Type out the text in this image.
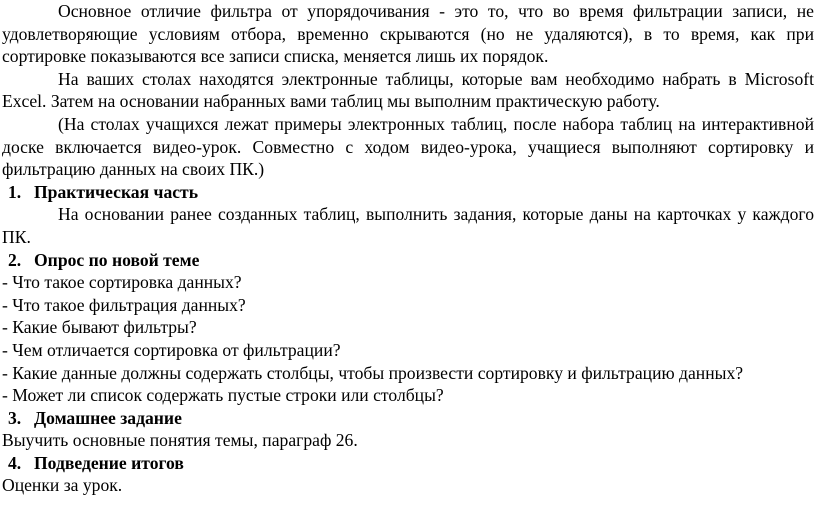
Основное отличие фильтра от упорядочивания - это то, что во время фильтрации записи, не удовлетворяющие условиям отбора, временно скрываются (но не удаляются), в то время, как при сортировке показываются все записи списка, меняется лишь их порядок.

На ваших столах находятся электронные таблицы, которые вам необходимо набрать в Microsoft Excel. Затем на основании набранных вами таблиц мы выполним практическую работу.

(На столах учащихся лежат примеры электронных таблиц, после набора таблиц на интерактивной доске включается видео-урок. Совместно с ходом видео-урока, учащиеся выполняют сортировку и фильтрацию данных на своих ПК.)

1. Практическая часть

На основании ранее созданных таблиц, выполнить задания, которые даны на карточках у каждого ПК.

2. Опрос по новой теме

- Что такое сортировка данных?

- Что такое фильтрация данных?

- Какие бывают фильтры?

- Чем отличается сортировка от фильтрации?

- Какие данные должны содержать столбцы, чтобы произвести сортировку и фильтрацию данных?

- Может ли список содержать пустые строки или столбцы?

3. Домашнее задание

Выучить основные понятия темы, параграф 26.

4. Подведение итогов

Оценки за урок.
